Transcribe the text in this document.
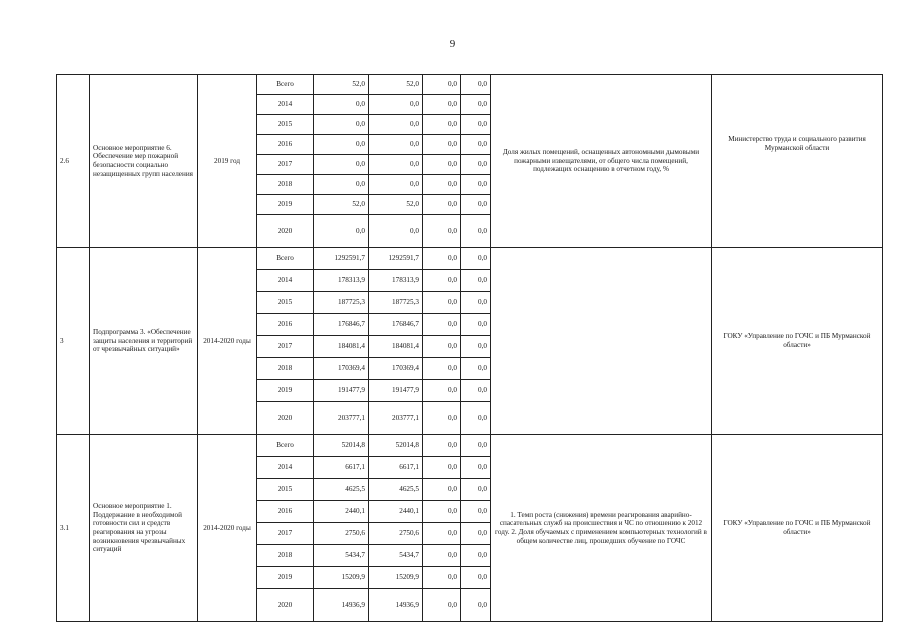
9
2.6	Основное мероприятие 6. Обеспечение мер пожарной безопасности социально незащищенных групп населения	2019 год	Всего	52,0	52,0	0,0	0,0	Доля жилых помещений, оснащенных автономными дымовыми пожарными извещателями, от общего числа помещений, подлежащих оснащению в отчетном году, %	Министерство труда и социального развития Мурманской области
			2014	0,0	0,0	0,0	0,0		
			2015	0,0	0,0	0,0	0,0		
			2016	0,0	0,0	0,0	0,0		
			2017	0,0	0,0	0,0	0,0		
			2018	0,0	0,0	0,0	0,0		
			2019	52,0	52,0	0,0	0,0		
			2020	0,0	0,0	0,0	0,0		
3	Подпрограмма 3. «Обеспечение защиты населения и территорий от чрезвычайных ситуаций»	2014-2020 годы	Всего	1292591,7	1292591,7	0,0	0,0		ГОКУ «Управление по ГОЧС и ПБ Мурманской области»
			2014	178313,9	178313,9	0,0	0,0		
			2015	187725,3	187725,3	0,0	0,0		
			2016	176846,7	176846,7	0,0	0,0		
			2017	184081,4	184081,4	0,0	0,0		
			2018	170369,4	170369,4	0,0	0,0		
			2019	191477,9	191477,9	0,0	0,0		
			2020	203777,1	203777,1	0,0	0,0		
3.1	Основное мероприятие 1. Поддержание в необходимой готовности сил и средств реагирования на угрозы возникновения чрезвычайных ситуаций	2014-2020 годы	Всего	52014,8	52014,8	0,0	0,0	1. Темп роста (снижения) времени реагирования аварийно-спасательных служб на происшествия и ЧС по отношению к 2012 году. 2. Доля обучаемых с применением компьютерных технологий в общем количестве лиц, прошедших обучение по ГОЧС	ГОКУ «Управление по ГОЧС и ПБ Мурманской области»
			2014	6617,1	6617,1	0,0	0,0		
			2015	4625,5	4625,5	0,0	0,0		
			2016	2440,1	2440,1	0,0	0,0		
			2017	2750,6	2750,6	0,0	0,0		
			2018	5434,7	5434,7	0,0	0,0		
			2019	15209,9	15209,9	0,0	0,0		
			2020	14936,9	14936,9	0,0	0,0		
